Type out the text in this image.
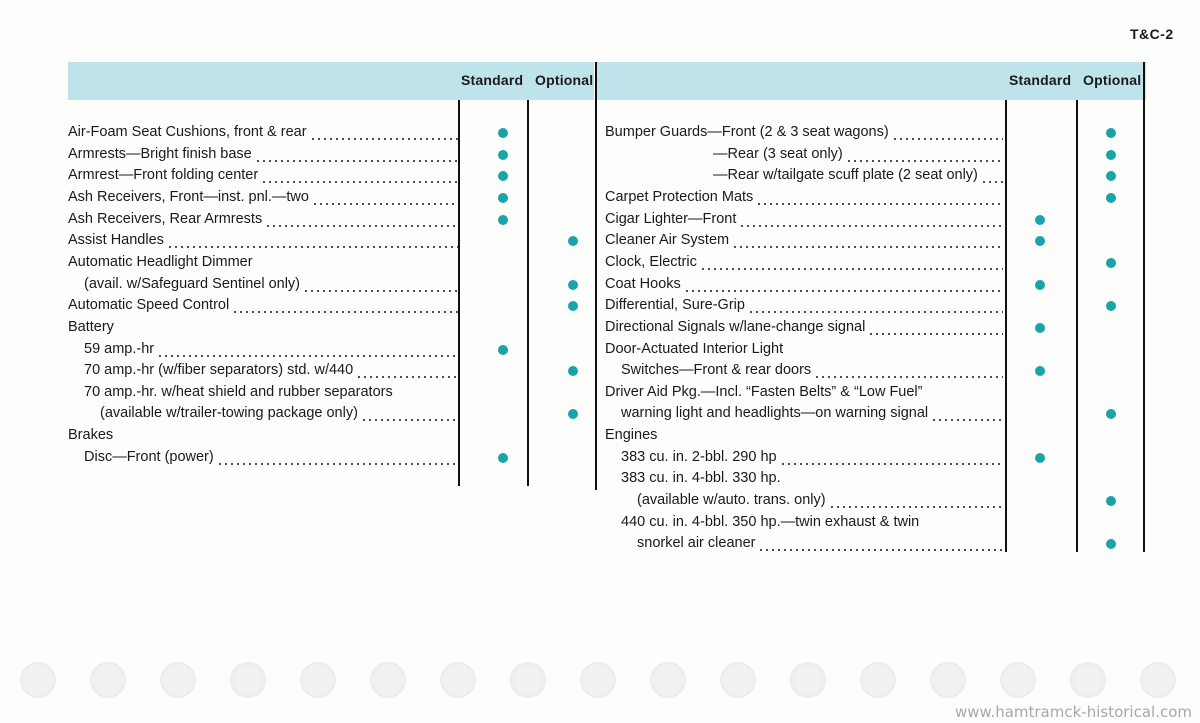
T&C-2
Standard Optional	Standard Optional
Air-Foam Seat Cushions, front & rear
Armrests—Bright finish base
Armrest—Front folding center
Ash Receivers, Front—inst. pnl.—two
Ash Receivers, Rear Armrests
Assist Handles
Automatic Headlight Dimmer
(avail. w/Safeguard Sentinel only)
Automatic Speed Control
Battery
59 amp.-hr
70 amp.-hr (w/fiber separators) std. w/440
70 amp.-hr. w/heat shield and rubber separators
(available w/trailer-towing package only)
Brakes
Disc—Front (power)
Bumper Guards—Front (2 & 3 seat wagons)
—Rear (3 seat only)
—Rear w/tailgate scuff plate (2 seat only)
Carpet Protection Mats
Cigar Lighter—Front
Cleaner Air System
Clock, Electric
Coat Hooks
Differential, Sure-Grip
Directional Signals w/lane-change signal
Door-Actuated Interior Light
Switches—Front & rear doors
Driver Aid Pkg.—Incl. “Fasten Belts” & “Low Fuel”
warning light and headlights—on warning signal
Engines
383 cu. in. 2-bbl. 290 hp
383 cu. in. 4-bbl. 330 hp.
(available w/auto. trans. only)
440 cu. in. 4-bbl. 350 hp.—twin exhaust & twin
snorkel air cleaner
www.hamtramck-historical.com
